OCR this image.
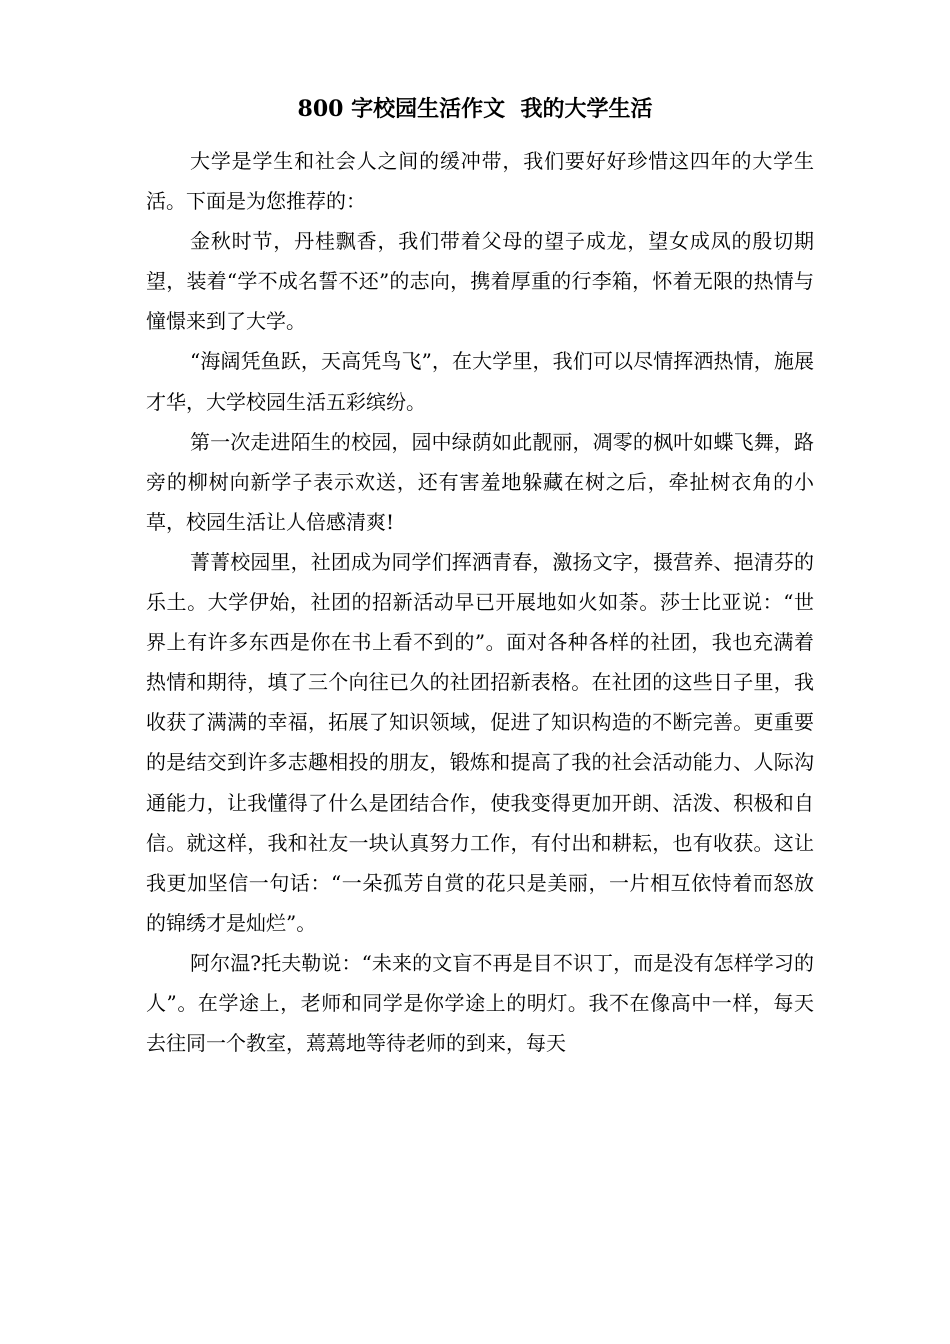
800 字校园生活作文  我的大学生活

大学是学生和社会人之间的缓冲带，我们要好好珍惜这四年的大学生活。下面是为您推荐的：

金秋时节，丹桂飘香，我们带着父母的望子成龙，望女成凤的殷切期望，装着“学不成名誓不还”的志向，携着厚重的行李箱，怀着无限的热情与憧憬来到了大学。

“海阔凭鱼跃，天高凭鸟飞”，在大学里，我们可以尽情挥洒热情，施展才华，大学校园生活五彩缤纷。

第一次走进陌生的校园，园中绿荫如此靓丽，凋零的枫叶如蝶飞舞，路旁的柳树向新学子表示欢送，还有害羞地躲藏在树之后，牵扯树衣角的小草，校园生活让人倍感清爽!

菁菁校园里，社团成为同学们挥洒青春，激扬文字，摄营养、挹清芬的乐土。大学伊始，社团的招新活动早已开展地如火如荼。莎士比亚说：“世界上有许多东西是你在书上看不到的”。面对各种各样的社团，我也充满着热情和期待，填了三个向往已久的社团招新表格。在社团的这些日子里，我收获了满满的幸福，拓展了知识领域，促进了知识构造的不断完善。更重要的是结交到许多志趣相投的朋友，锻炼和提高了我的社会活动能力、人际沟通能力，让我懂得了什么是团结合作，使我变得更加开朗、活泼、积极和自信。就这样，我和社友一块认真努力工作，有付出和耕耘，也有收获。这让我更加坚信一句话：“一朵孤芳自赏的花只是美丽，一片相互依恃着而怒放的锦绣才是灿烂”。

阿尔温?托夫勒说：“未来的文盲不再是目不识丁，而是没有怎样学习的人”。在学途上，老师和同学是你学途上的明灯。我不在像高中一样，每天去往同一个教室，蔫蔫地等待老师的到来，每天
